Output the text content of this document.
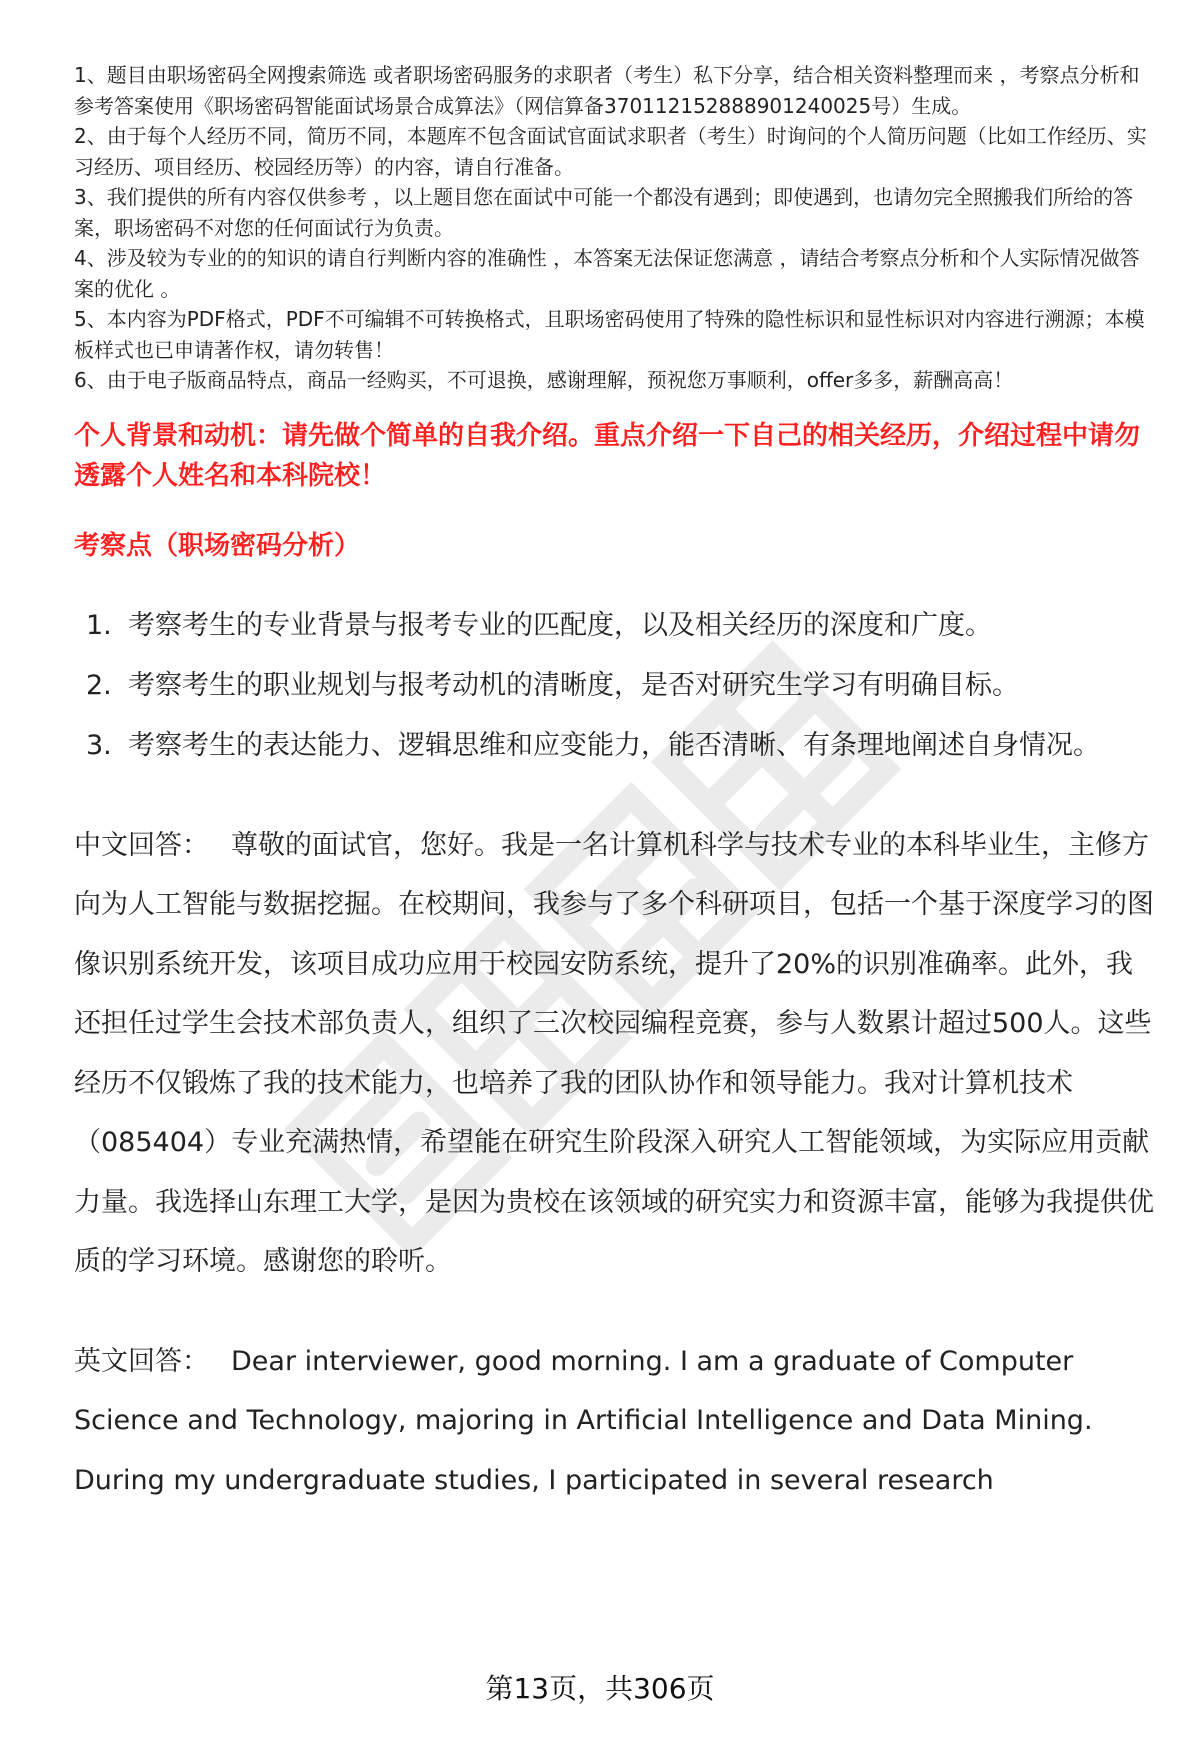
1、题目由职场密码全网搜索筛选 或者职场密码服务的求职者（考生）私下分享，结合相关资料整理而来 ，考察点分析和参考答案使用《职场密码智能面试场景合成算法》（网信算备370112152888901240025号）生成。

2、由于每个人经历不同，简历不同，本题库不包含面试官面试求职者（考生）时询问的个人简历问题（比如工作经历、实习经历、项目经历、校园经历等）的内容，请自行准备。

3、我们提供的所有内容仅供参考 ，以上题目您在面试中可能一个都没有遇到；即使遇到，也请勿完全照搬我们所给的答案，职场密码不对您的任何面试行为负责。

4、涉及较为专业的的知识的请自行判断内容的准确性 ，本答案无法保证您满意 ，请结合考察点分析和个人实际情况做答案的优化 。

5、本内容为PDF格式，PDF不可编辑不可转换格式，且职场密码使用了特殊的隐性标识和显性标识对内容进行溯源；本模板样式也已申请著作权，请勿转售！

6、由于电子版商品特点，商品一经购买，不可退换，感谢理解，预祝您万事顺利，offer多多，薪酬高高！

个人背景和动机：请先做个简单的自我介绍。重点介绍一下自己的相关经历，介绍过程中请勿透露个人姓名和本科院校！
考察点（职场密码分析）
1. 考察考生的专业背景与报考专业的匹配度，以及相关经历的深度和广度。
2. 考察考生的职业规划与报考动机的清晰度，是否对研究生学习有明确目标。
3. 考察考生的表达能力、逻辑思维和应变能力，能否清晰、有条理地阐述自身情况。

中文回答： 尊敬的面试官，您好。我是一名计算机科学与技术专业的本科毕业生，主修方向为人工智能与数据挖掘。在校期间，我参与了多个科研项目，包括一个基于深度学习的图像识别系统开发，该项目成功应用于校园安防系统，提升了20%的识别准确率。此外，我还担任过学生会技术部负责人，组织了三次校园编程竞赛，参与人数累计超过500人。这些经历不仅锻炼了我的技术能力，也培养了我的团队协作和领导能力。我对计算机技术（085404）专业充满热情，希望能在研究生阶段深入研究人工智能领域，为实际应用贡献力量。我选择山东理工大学，是因为贵校在该领域的研究实力和资源丰富，能够为我提供优质的学习环境。感谢您的聆听。

英文回答： Dear interviewer, good morning. I am a graduate of Computer Science and Technology, majoring in Artificial Intelligence and Data Mining. During my undergraduate studies, I participated in several research

第13页，共306页
